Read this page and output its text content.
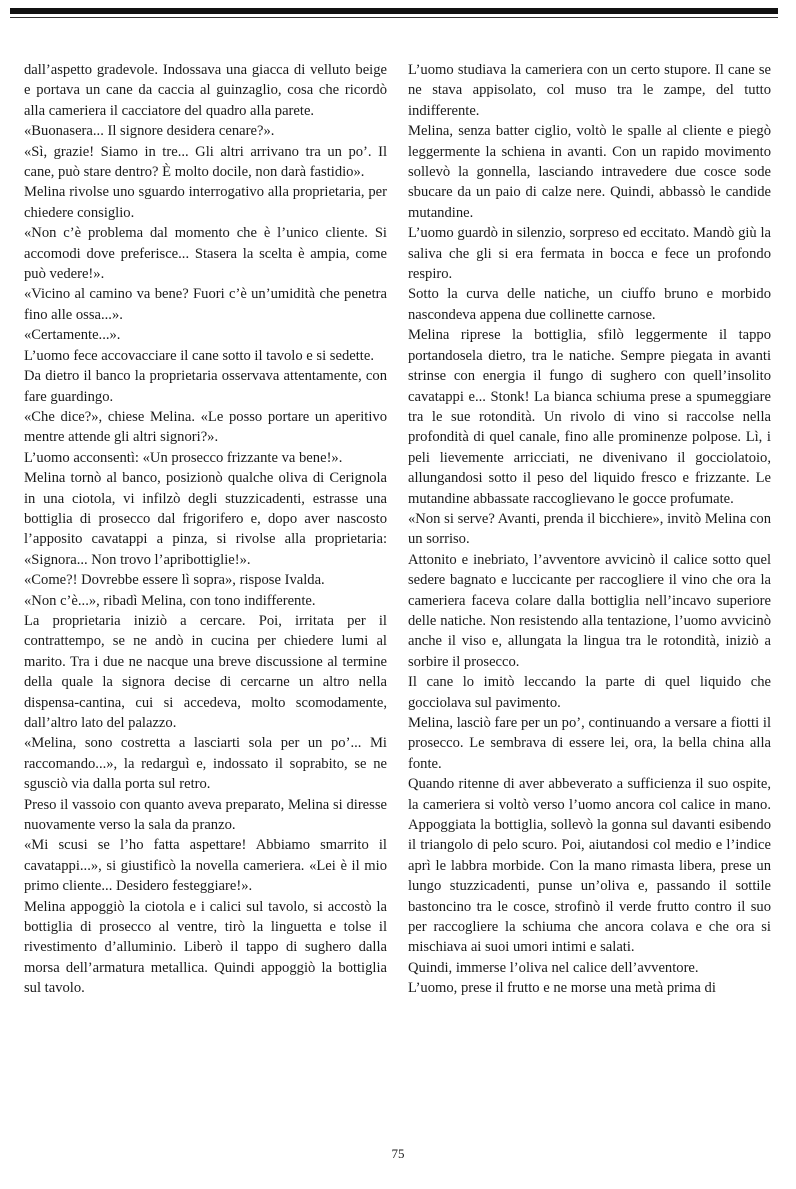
dall’aspetto gradevole. Indossava una giacca di velluto beige e portava un cane da caccia al guinzaglio, cosa che ricordò alla cameriera il cacciatore del quadro alla parete.

«Buonasera... Il signore desidera cenare?».

«Sì, grazie! Siamo in tre... Gli altri arrivano tra un po’. Il cane, può stare dentro? È molto docile, non darà fastidio».

Melina rivolse uno sguardo interrogativo alla proprietaria, per chiedere consiglio.

«Non c’è problema dal momento che è l’unico cliente. Si accomodi dove preferisce... Stasera la scelta è ampia, come può vedere!».

«Vicino al camino va bene? Fuori c’è un’umidità che penetra fino alle ossa...».

«Certamente...».

L’uomo fece accovacciare il cane sotto il tavolo e si sedette.

Da dietro il banco la proprietaria osservava attentamente, con fare guardingo.

«Che dice?», chiese Melina. «Le posso portare un aperitivo mentre attende gli altri signori?».

L’uomo acconsentì: «Un prosecco frizzante va bene!».

Melina tornò al banco, posizionò qualche oliva di Cerignola in una ciotola, vi infilzò degli stuzzicadenti, estrasse una bottiglia di prosecco dal frigorifero e, dopo aver nascosto l’apposito cavatappi a pinza, si rivolse alla proprietaria: «Signora... Non trovo l’apribottiglie!».

«Come?! Dovrebbe essere lì sopra», rispose Ivalda.

«Non c’è...», ribadì Melina, con tono indifferente.

La proprietaria iniziò a cercare. Poi, irritata per il contrattempo, se ne andò in cucina per chiedere lumi al marito. Tra i due ne nacque una breve discussione al termine della quale la signora decise di cercarne un altro nella dispensa-cantina, cui si accedeva, molto scomodamente, dall’altro lato del palazzo.

«Melina, sono costretta a lasciarti sola per un po’... Mi raccomando...», la redarguì e, indossato il soprabito, se ne sgusciò via dalla porta sul retro.

Preso il vassoio con quanto aveva preparato, Melina si diresse nuovamente verso la sala da pranzo.

«Mi scusi se l’ho fatta aspettare! Abbiamo smarrito il cavatappi...», si giustificò la novella cameriera. «Lei è il mio primo cliente... Desidero festeggiare!».

Melina appoggiò la ciotola e i calici sul tavolo, si accostò la bottiglia di prosecco al ventre, tirò la linguetta e tolse il rivestimento d’alluminio. Liberò il tappo di sughero dalla morsa dell’armatura metallica. Quindi appoggiò la bottiglia sul tavolo.

L’uomo studiava la cameriera con un certo stupore. Il cane se ne stava appisolato, col muso tra le zampe, del tutto indifferente.

Melina, senza batter ciglio, voltò le spalle al cliente e piegò leggermente la schiena in avanti. Con un rapido movimento sollevò la gonnella, lasciando intravedere due cosce sode sbucare da un paio di calze nere. Quindi, abbassò le candide mutandine.

L’uomo guardò in silenzio, sorpreso ed eccitato. Mandò giù la saliva che gli si era fermata in bocca e fece un profondo respiro.

Sotto la curva delle natiche, un ciuffo bruno e morbido nascondeva appena due collinette carnose.

Melina riprese la bottiglia, sfilò leggermente il tappo portandosela dietro, tra le natiche. Sempre piegata in avanti strinse con energia il fungo di sughero con quell’insolito cavatappi e... Stonk! La bianca schiuma prese a spumeggiare tra le sue rotondità. Un rivolo di vino si raccolse nella profondità di quel canale, fino alle prominenze polpose. Lì, i peli lievemente arricciati, ne divenivano il gocciolatoio, allungandosi sotto il peso del liquido fresco e frizzante. Le mutandine abbassate raccoglievano le gocce profumate.

«Non si serve? Avanti, prenda il bicchiere», invitò Melina con un sorriso.

Attonito e inebriato, l’avventore avvicinò il calice sotto quel sedere bagnato e luccicante per raccogliere il vino che ora la cameriera faceva colare dalla bottiglia nell’incavo superiore delle natiche. Non resistendo alla tentazione, l’uomo avvicinò anche il viso e, allungata la lingua tra le rotondità, iniziò a sorbire il prosecco.

Il cane lo imitò leccando la parte di quel liquido che gocciolava sul pavimento.

Melina, lasciò fare per un po’, continuando a versare a fiotti il prosecco. Le sembrava di essere lei, ora, la bella china alla fonte.

Quando ritenne di aver abbeverato a sufficienza il suo ospite, la cameriera si voltò verso l’uomo ancora col calice in mano. Appoggiata la bottiglia, sollevò la gonna sul davanti esibendo il triangolo di pelo scuro. Poi, aiutandosi col medio e l’indice aprì le labbra morbide. Con la mano rimasta libera, prese un lungo stuzzicadenti, punse un’oliva e, passando il sottile bastoncino tra le cosce, strofinò il verde frutto contro il suo per raccogliere la schiuma che ancora colava e che ora si mischiava ai suoi umori intimi e salati.

Quindi, immerse l’oliva nel calice dell’avventore.

L’uomo, prese il frutto e ne morse una metà prima di

75
